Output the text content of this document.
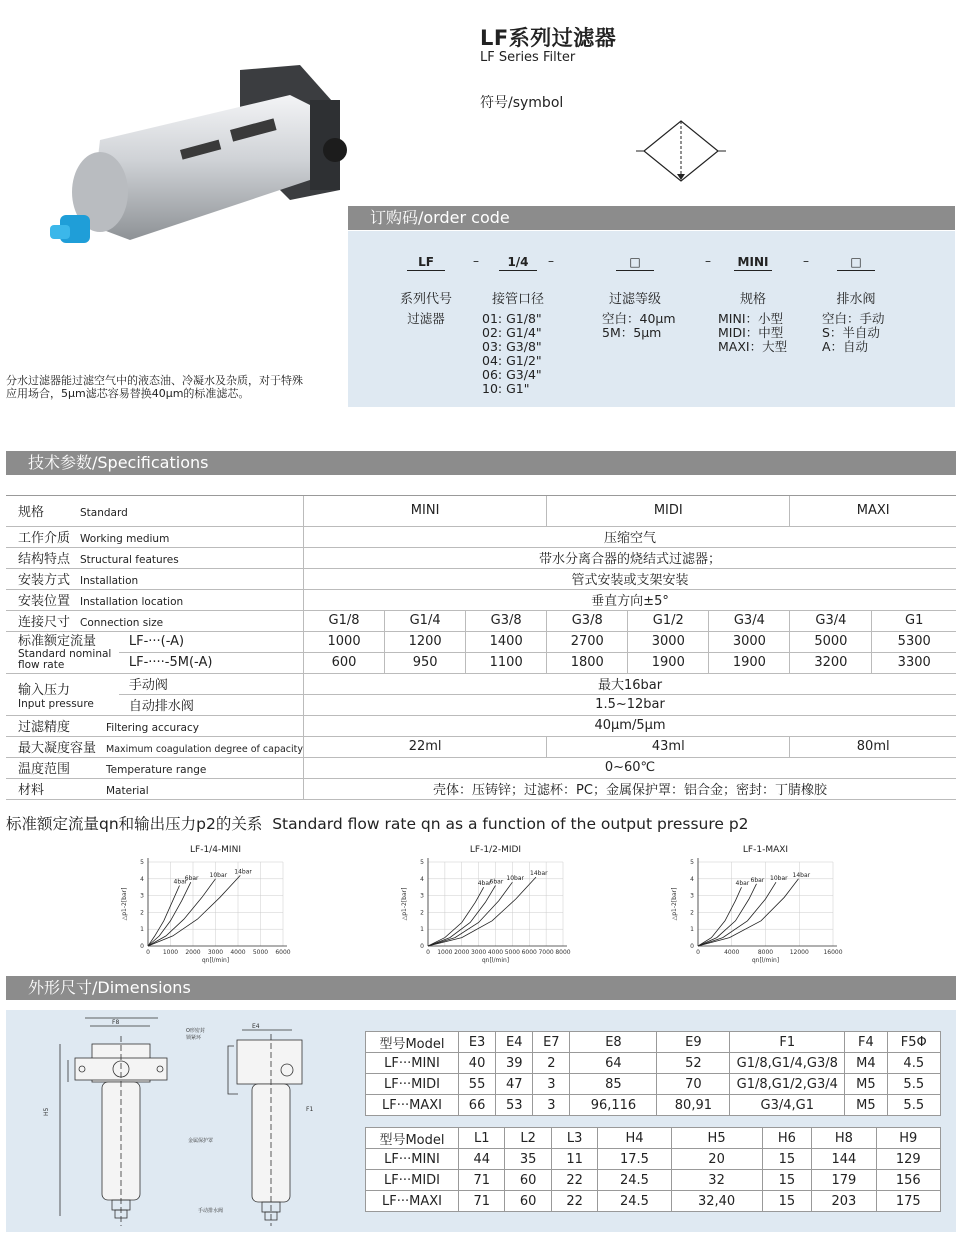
LF系列过滤器
LF Series Filter
符号/symbol
订购码/order code
LF
系列代号
过滤器
–	1/4
接管口径
01: G1/8"
02: G1/4"
03: G3/8"
04: G1/2"
06: G3/4"
10: G1"
–	□
过滤等级
空白：40μm
5M：5μm
–	MINI
规格
MINI：小型
MIDI：中型
MAXI：大型
–	□
排水阀
空白：手动
S：半自动
A：自动
分水过滤器能过滤空气中的液态油、冷凝水及杂质，对于特殊
应用场合，5μm滤芯容易替换40μm的标准滤芯。
技术参数/Specifications
规格 Standard		MINI			MIDI			MAXI	
工作介质 Working medium		压缩空气							
结构特点 Structural features		带水分离合器的烧结式过滤器；							
安装方式 Installation		管式安装或支架安装							
安装位置 Installation location		垂直方向±5°							
连接尺寸 Connection size		G1/8	G1/4	G3/8	G3/8	G1/2	G3/4	G3/4	G1

标准额定流量
Standard nominal
flow rate	LF-···(-A)	1000	1200	1400	2700	3000	3000	5000	5300
	LF-····-5M(-A)	600	950	1100	1800	1900	1900	3200	3300

输入压力
Input pressure	手动阀	最大16bar							
	自动排水阀	1.5~12bar							
过滤精度 Filtering accuracy		40μm/5μm							
最大凝度容量 Maximum coagulation degree of capacity		22ml			43ml			80ml	
温度范围 Temperature range		0~60℃							
材料 Material		壳体：压铸锌；过滤杯：PC；金属保护罩：铝合金；密封：丁腈橡胶							
标准额定流量qn和输出压力p2的关系  Standard flow rate qn as a function of the output pressure p2
LF-1/4-MINI
0
1
2
3
4
5
0 1000 2000 3000 4000 5000 6000
qn[l/min]
△p1-2[bar]
4bar
6bar 10bar 14bar
LF-1/2-MIDI
0
1
2
3
4
5
0 1000 2000 3000 4000 5000 6000 7000 8000
qn[l/min]
△p1-2[bar]
4bar
6bar 10bar
14bar
LF-1-MAXI
0
1
2
3
4
5
0	4000	8000	12000 16000
qn[l/min]
△p1-2[bar]
4bar 6bar 10bar 14bar
外形尺寸/Dimensions
F8
H5
O形密封
锁紧环
E4
F1
金属保护罩
手动排水阀
型号Model	E3	E4	E7	E8	E9	F1	F4	F5Φ
LF···MINI	40	39	2	64	52	G1/8,G1/4,G3/8	M4	4.5
LF···MIDI	55	47	3	85	70	G1/8,G1/2,G3/4	M5	5.5
LF···MAXI	66	53	3	96,116	80,91	G3/4,G1	M5	5.5
型号Model	L1	L2	L3	H4	H5	H6	H8	H9
LF···MINI	44	35	11	17.5	20	15	144	129
LF···MIDI	71	60	22	24.5	32	15	179	156
LF···MAXI	71	60	22	24.5	32,40	15	203	175
